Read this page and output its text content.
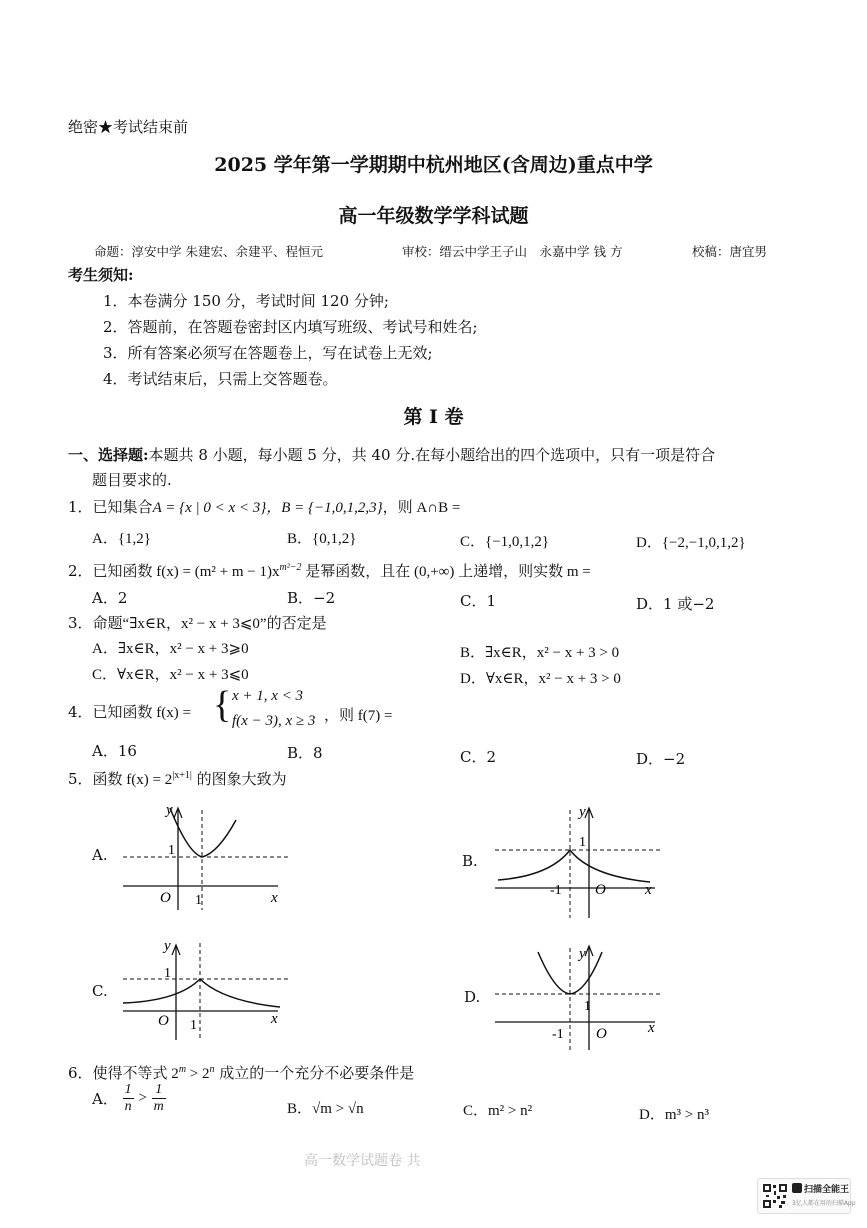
绝密★考试结束前
2025 学年第一学期期中杭州地区(含周边)重点中学
高一年级数学学科试题
命题：淳安中学 朱建宏、余建平、程恒元	审校：缙云中学王子山　永嘉中学 钱 方	校稿：唐宜男
考生须知:
1．本卷满分 150 分，考试时间 120 分钟;
2．答题前，在答题卷密封区内填写班级、考试号和姓名;
3．所有答案必须写在答题卷上，写在试卷上无效;
4．考试结束后，只需上交答题卷。
第 I 卷
一、选择题:本题共 8 小题，每小题 5 分，共 40 分.在每小题给出的四个选项中，只有一项是符合
题目要求的.
1．已知集合A = {x | 0 < x < 3}，B = {−1,0,1,2,3}，则 A∩B =
A．{1,2}	B．{0,1,2}	C．{−1,0,1,2}	D．{−2,−1,0,1,2}
2．已知函数 $f(x) = (m^2 + m - 1)x^{m^2-2}$ 是幂函数，且在 (0,+∞) 上递增，则实数 m =
A．2	B．−2	C．1	D．1 或−2
3．命题“∃x∈R，x² − x + 3⩽0”的否定是
A．∃x∈R，x² − x + 3⩾0	B．∃x∈R，x² − x + 3 > 0
C．∀x∈R，x² − x + 3⩽0	D．∀x∈R，x² − x + 3 > 0
4．已知函数 f(x) = { x + 1, x < 3
f(x − 3), x ≥ 3 ，则 f(7) =
A．16	B．8	C．2	D．−2
5．函数 $f(x) = 2^{|x+1|}$ 的图象大致为
A.
y
1
O 1	x
B.
y
1
-1 O	x
C.
y
1
O 1	x
D.
y
1
-1 O	x
6．使得不等式 $2^m > 2^n$ 成立的一个充分不必要条件是
A． $\frac{1}{n} > \frac{1}{m}$	B．√m > √n	C．m² > n²	D．m³ > n³
高一数学试题卷 共
扫描全能王
3亿人都在用的扫描App
